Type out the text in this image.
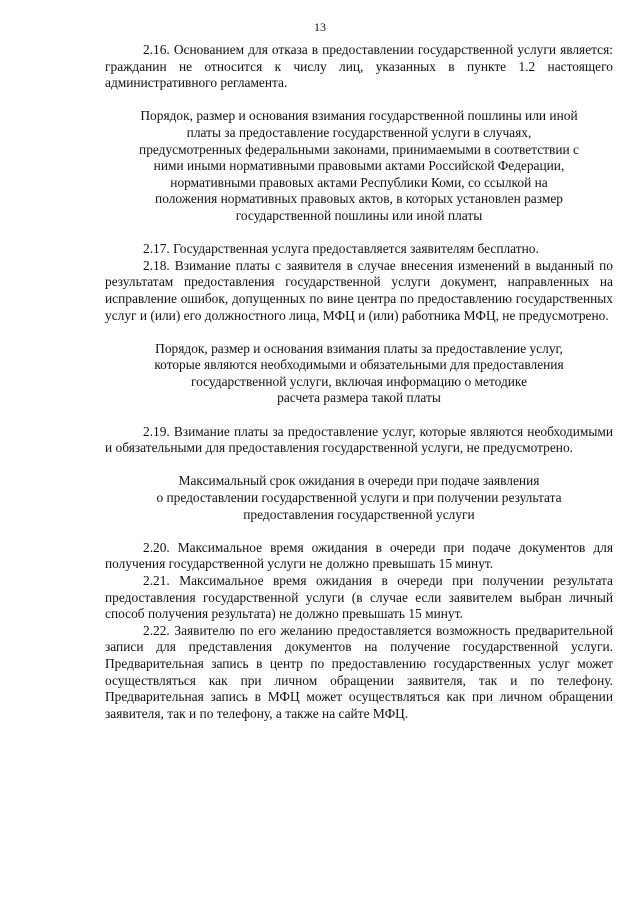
13

2.16. Основанием для отказа в предоставлении государственной услуги является: гражданин не относится к числу лиц, указанных в пункте 1.2 настоящего административного регламента.

Порядок, размер и основания взимания государственной пошлины или иной
платы за предоставление государственной услуги в случаях,
предусмотренных федеральными законами, принимаемыми в соответствии с
ними иными нормативными правовыми актами Российской Федерации,
нормативными правовых актами Республики Коми, со ссылкой на
положения нормативных правовых актов, в которых установлен размер
государственной пошлины или иной платы

2.17. Государственная услуга предоставляется заявителям бесплатно.

2.18. Взимание платы с заявителя в случае внесения изменений в выданный по результатам предоставления государственной услуги документ, направленных на исправление ошибок, допущенных по вине центра по предоставлению государственных услуг и (или) его должностного лица, МФЦ и (или) работника МФЦ, не предусмотрено.

Порядок, размер и основания взимания платы за предоставление услуг,
которые являются необходимыми и обязательными для предоставления
государственной услуги, включая информацию о методике
расчета размера такой платы

2.19. Взимание платы за предоставление услуг, которые являются необходимыми и обязательными для предоставления государственной услуги, не предусмотрено.

Максимальный срок ожидания в очереди при подаче заявления
о предоставлении государственной услуги и при получении результата
предоставления государственной услуги

2.20. Максимальное время ожидания в очереди при подаче документов для получения государственной услуги не должно превышать 15 минут.

2.21. Максимальное время ожидания в очереди при получении результата предоставления государственной услуги (в случае если заявителем выбран личный способ получения результата) не должно превышать 15 минут.

2.22. Заявителю по его желанию предоставляется возможность предварительной записи для представления документов на получение государственной услуги. Предварительная запись в центр по предоставлению государственных услуг может осуществляться как при личном обращении заявителя, так и по телефону. Предварительная запись в МФЦ может осуществляться как при личном обращении заявителя, так и по телефону, а также на сайте МФЦ.
